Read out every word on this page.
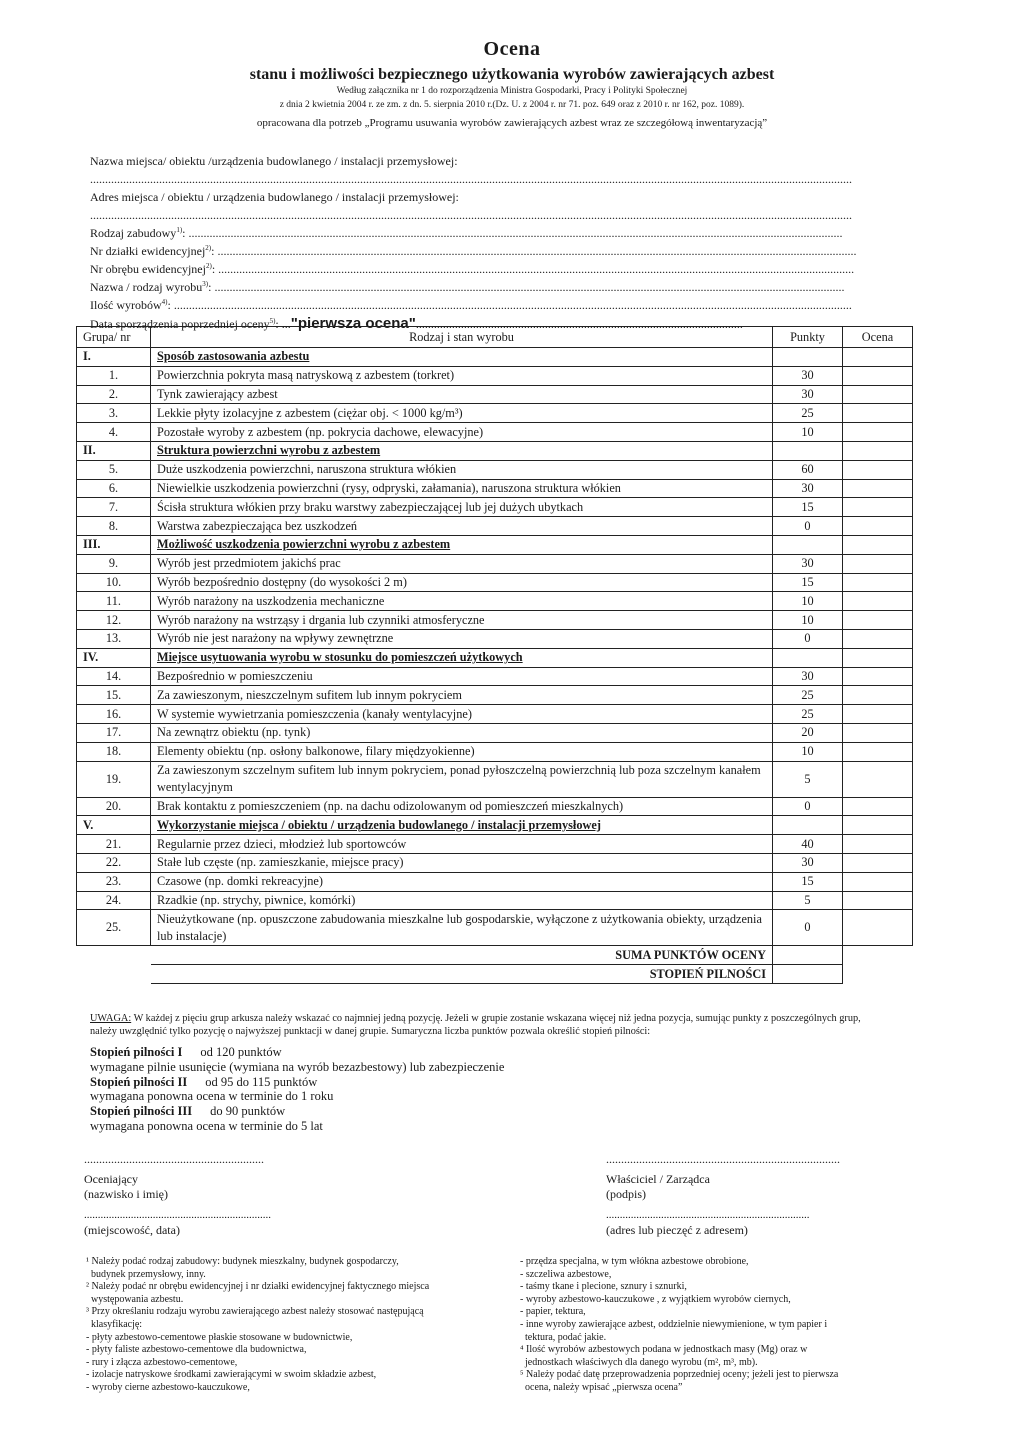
Ocena
stanu i możliwości bezpiecznego użytkowania wyrobów zawierających azbest
Według załącznika nr 1 do rozporządzenia Ministra Gospodarki, Pracy i Polityki Społecznej
z dnia 2 kwietnia 2004 r. ze zm. z dn. 5. sierpnia 2010 r.(Dz. U. z 2004 r. nr 71. poz. 649 oraz z 2010 r. nr 162, poz. 1089).
opracowana dla potrzeb „Programu usuwania wyrobów zawierających azbest wraz ze szczegółową inwentaryzacją”
Nazwa miejsca/ obiektu /urządzenia budowlanego / instalacji przemysłowej:
..............................................................................................................................................................................................................................................................
Adres miejsca / obiektu / urządzenia budowlanego / instalacji przemysłowej:
..............................................................................................................................................................................................................................................................
Rodzaj zabudowy$^{1)}$: ..........................................................................................................................................................................................................................
Nr działki ewidencyjnej$^{2)}$: .....................................................................................................................................................................................................................
Nr obrębu ewidencyjnej$^{2)}$: ....................................................................................................................................................................................................................
Nazwa / rodzaj wyrobu$^{3)}$: ..................................................................................................................................................................................................................
Ilość wyrobów$^{4)}$: ..................................................................................................................................................................................................................................
Data sporządzenia poprzedniej oceny$^{5)}$: ..."pierwsza ocena".............................................................................................................
Grupa/ nr	Rodzaj i stan wyrobu	Punkty	Ocena
I.	Sposób zastosowania azbestu		
1.	Powierzchnia pokryta masą natryskową z azbestem (torkret)	30	
2.	Tynk zawierający azbest	30	
3.	Lekkie płyty izolacyjne z azbestem (ciężar obj. < 1000 kg/m³)	25	
4.	Pozostałe wyroby z azbestem (np. pokrycia dachowe, elewacyjne)	10	
II.	Struktura powierzchni wyrobu z azbestem		
5.	Duże uszkodzenia powierzchni, naruszona struktura włókien	60	
6.	Niewielkie uszkodzenia powierzchni (rysy, odpryski, załamania), naruszona struktura włókien	30	
7.	Ścisła struktura włókien przy braku warstwy zabezpieczającej lub jej dużych ubytkach	15	
8.	Warstwa zabezpieczająca bez uszkodzeń	0	
III.	Możliwość uszkodzenia powierzchni wyrobu z azbestem		
9.	Wyrób jest przedmiotem jakichś prac	30	
10.	Wyrób bezpośrednio dostępny (do wysokości 2 m)	15	
11.	Wyrób narażony na uszkodzenia mechaniczne	10	
12.	Wyrób narażony na wstrząsy i drgania lub czynniki atmosferyczne	10	
13.	Wyrób nie jest narażony na wpływy zewnętrzne	0	
IV.	Miejsce usytuowania wyrobu w stosunku do pomieszczeń użytkowych		
14.	Bezpośrednio w pomieszczeniu	30	
15.	Za zawieszonym, nieszczelnym sufitem lub innym pokryciem	25	
16.	W systemie wywietrzania pomieszczenia (kanały wentylacyjne)	25	
17.	Na zewnątrz obiektu (np. tynk)	20	
18.	Elementy obiektu (np. osłony balkonowe, filary międzyokienne)	10	
19.	Za zawieszonym szczelnym sufitem lub innym pokryciem, ponad pyłoszczelną powierzchnią lub poza szczelnym kanałem wentylacyjnym	5	
20.	Brak kontaktu z pomieszczeniem (np. na dachu odizolowanym od pomieszczeń mieszkalnych)	0	
V.	Wykorzystanie miejsca / obiektu / urządzenia budowlanego / instalacji przemysłowej		
21.	Regularnie przez dzieci, młodzież lub sportowców	40	
22.	Stałe lub częste (np. zamieszkanie, miejsce pracy)	30	
23.	Czasowe (np. domki rekreacyjne)	15	
24.	Rzadkie (np. strychy, piwnice, komórki)	5	
25.	Nieużytkowane (np. opuszczone zabudowania mieszkalne lub gospodarskie, wyłączone z użytkowania obiekty, urządzenia lub instalacje)	0	
	SUMA PUNKTÓW OCENY		
	STOPIEŃ PILNOŚCI		
UWAGA: W każdej z pięciu grup arkusza należy wskazać co najmniej jedną pozycję. Jeżeli w grupie zostanie wskazana więcej niż jedna pozycja, sumując punkty z poszczególnych grup, należy uwzględnić tylko pozycję o najwyższej punktacji w danej grupie. Sumaryczna liczba punktów pozwala określić stopień pilności:
Stopień pilności I od 120 punktów
wymagane pilnie usunięcie (wymiana na wyrób bezazbestowy) lub zabezpieczenie
Stopień pilności II od 95 do 115 punktów
wymagana ponowna ocena w terminie do 1 roku
Stopień pilności III do 90 punktów
wymagana ponowna ocena w terminie do 5 lat
............................................................
Oceniający
(nazwisko i imię)
....................................................................
(miejscowość, data)
..............................................................................
Właściciel / Zarządca
(podpis)
..........................................................................
(adres lub pieczęć z adresem)
¹ Należy podać rodzaj zabudowy: budynek mieszkalny, budynek gospodarczy,
budynek przemysłowy, inny.
² Należy podać nr obrębu ewidencyjnej i nr działki ewidencyjnej faktycznego miejsca
występowania azbestu.
³ Przy określaniu rodzaju wyrobu zawierającego azbest należy stosować następującą
klasyfikację:
- płyty azbestowo-cementowe płaskie stosowane w budownictwie,
- płyty faliste azbestowo-cementowe dla budownictwa,
- rury i złącza azbestowo-cementowe,
- izolacje natryskowe środkami zawierającymi w swoim składzie azbest,
- wyroby cierne azbestowo-kauczukowe,
- przędza specjalna, w tym włókna azbestowe obrobione,
- szczeliwa azbestowe,
- taśmy tkane i plecione, sznury i sznurki,
- wyroby azbestowo-kauczukowe , z wyjątkiem wyrobów ciernych,
- papier, tektura,
- inne wyroby zawierające azbest, oddzielnie niewymienione, w tym papier i
tektura, podać jakie.
⁴ Ilość wyrobów azbestowych podana w jednostkach masy (Mg) oraz w
jednostkach właściwych dla danego wyrobu (m², m³, mb).
⁵ Należy podać datę przeprowadzenia poprzedniej oceny; jeżeli jest to pierwsza
ocena, należy wpisać „pierwsza ocena”
